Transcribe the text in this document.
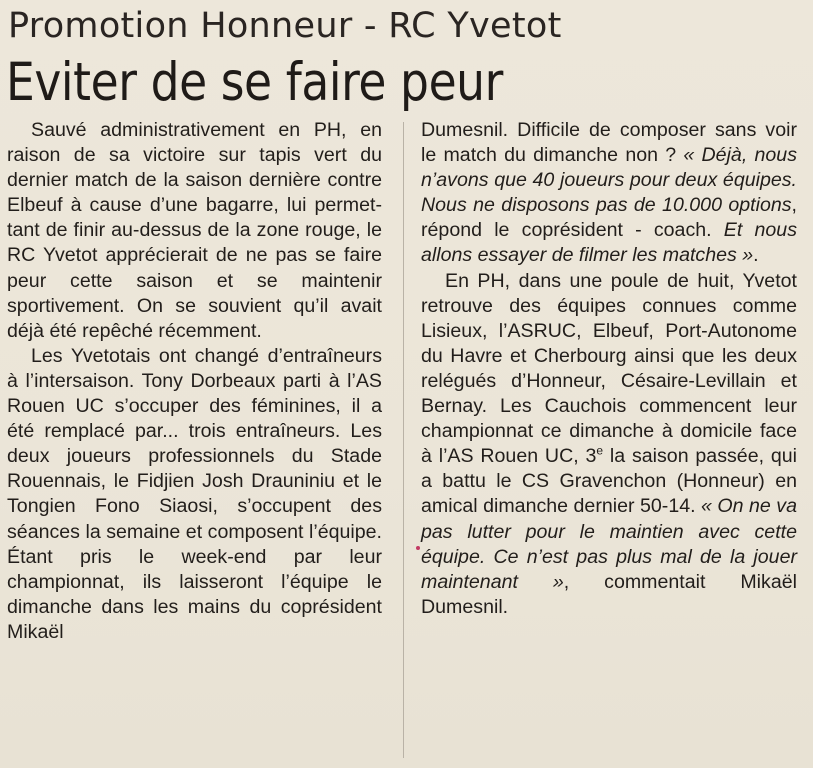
Promotion Honneur - RC Yvetot
Eviter de se faire peur

Sauvé administrativement en PH, en raison de sa victoire sur tapis vert du dernier match de la saison dernière contre Elbeuf à cause d’une bagarre, lui permettant de finir au-dessus de la zone rouge, le RC Yvetot apprécierait de ne pas se faire peur cette saison et se maintenir sportivement. On se souvient qu’il avait déjà été repêché récemment.

Les Yvetotais ont changé d’entraîneurs à l’intersaison. Tony Dorbeaux parti à l’AS Rouen UC s’occuper des féminines, il a été remplacé par... trois entraîneurs. Les deux joueurs professionnels du Stade Rouennais, le Fidjien Josh Drauniniu et le Tongien Fono Siaosi, s’occupent des séances la semaine et composent l’équipe. Étant pris le week-end par leur championnat, ils laisseront l’équipe le dimanche dans les mains du coprésident Mikaël

Dumesnil. Difficile de composer sans voir le match du dimanche non ? « Déjà, nous n’avons que 40 joueurs pour deux équipes. Nous ne disposons pas de 10.000 options, répond le coprésident - coach. Et nous allons essayer de filmer les matches ».

En PH, dans une poule de huit, Yvetot retrouve des équipes connues comme Lisieux, l’ASRUC, Elbeuf, Port-Autonome du Havre et Cherbourg ainsi que les deux relégués d’Honneur, Césaire-Levillain et Bernay. Les Cauchois commencent leur championnat ce dimanche à domicile face à l’AS Rouen UC, 3e la saison passée, qui a battu le CS Gravenchon (Honneur) en amical dimanche dernier 50-14. « On ne va pas lutter pour le maintien avec cette équipe. Ce n’est pas plus mal de la jouer maintenant », commentait Mikaël Dumesnil.
